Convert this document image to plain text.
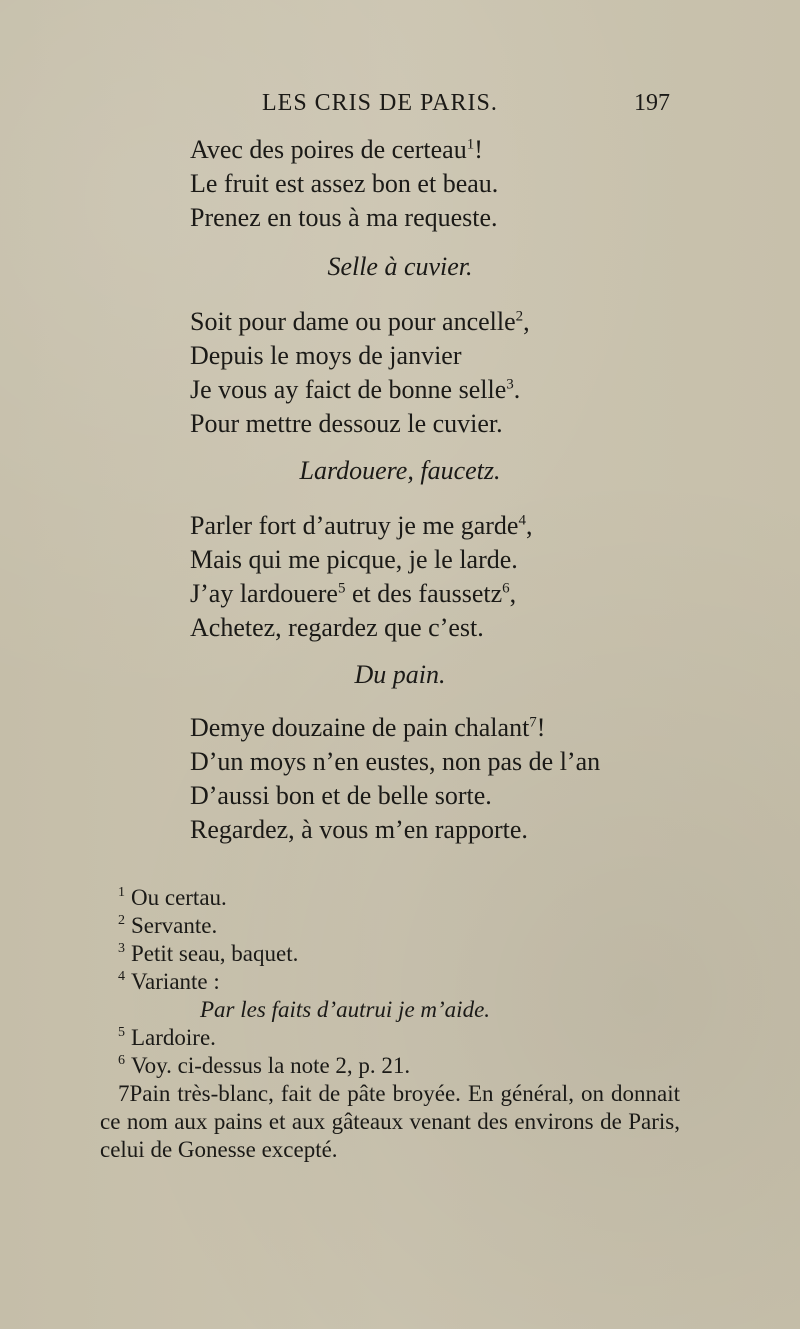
LES CRIS DE PARIS.	197
Avec des poires de certeau$^1$!
Le fruit est assez bon et beau.
Prenez en tous à ma requeste.
Selle à cuvier.
Soit pour dame ou pour ancelle$^2$,
Depuis le moys de janvier
Je vous ay faict de bonne selle$^3$.
Pour mettre dessouz le cuvier.
Lardouere, faucetz.
Parler fort d’autruy je me garde$^4$,
Mais qui me picque, je le larde.
J’ay lardouere$^5$ et des faussetz$^6$,
Achetez, regardez que c’est.
Du pain.
Demye douzaine de pain chalant$^7$!
D’un moys n’en eustes, non pas de l’an
D’aussi bon et de belle sorte.
Regardez, à vous m’en rapporte.
$^1$ Ou certau.
$^2$ Servante.
$^3$ Petit seau, baquet.
$^4$ Variante :
Par les faits d’autrui je m’aide.
$^5$ Lardoire.
$^6$ Voy. ci-dessus la note 2, p. 21.
7Pain très-blanc, fait de pâte broyée. En général, on donnait ce nom aux pains et aux gâteaux venant des environs de Paris, celui de Gonesse excepté.
